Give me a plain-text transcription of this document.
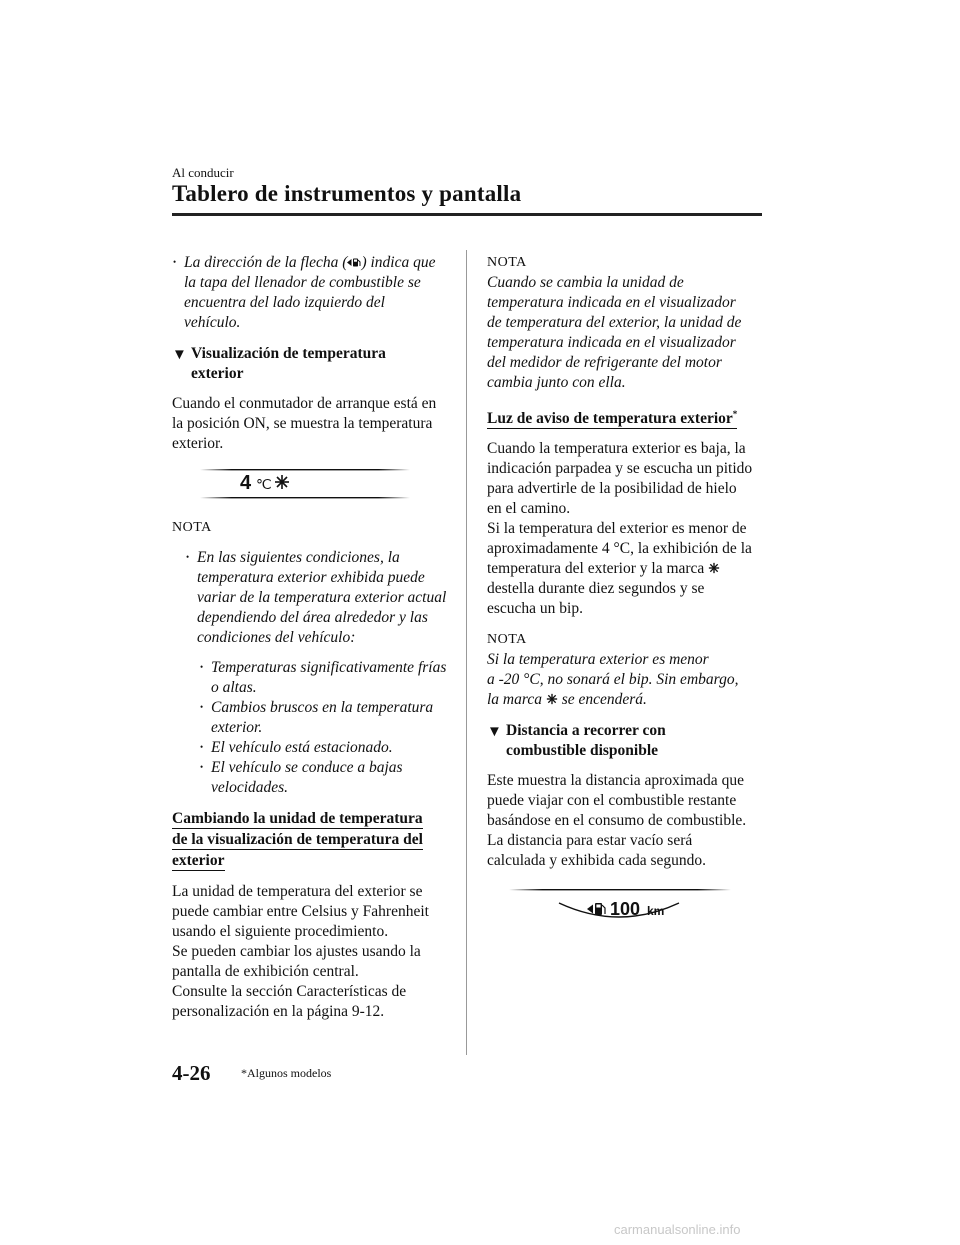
Al conducir
Tablero de instrumentos y pantalla

• La dirección de la flecha ( ) indica que

la tapa del llenador de combustible se

encuentra del lado izquierdo del

vehículo.

▼ Visualización de temperatura

exterior

Cuando el conmutador de arranque está en

la posición ON, se muestra la temperatura

exterior.

4 ℃

NOTA

• En las siguientes condiciones, la

temperatura exterior exhibida puede

variar de la temperatura exterior actual

dependiendo del área alrededor y las

condiciones del vehículo:

• Temperaturas significativamente frías

o altas.

• Cambios bruscos en la temperatura

exterior.

• El vehículo está estacionado.

• El vehículo se conduce a bajas

velocidades.

Cambiando la unidad de temperatura

de la visualización de temperatura del

exterior

La unidad de temperatura del exterior se

puede cambiar entre Celsius y Fahrenheit

usando el siguiente procedimiento.

Se pueden cambiar los ajustes usando la

pantalla de exhibición central.

Consulte la sección Características de

personalización en la página 9-12.

NOTA

Cuando se cambia la unidad de

temperatura indicada en el visualizador

de temperatura del exterior, la unidad de

temperatura indicada en el visualizador

del medidor de refrigerante del motor

cambia junto con ella.

Luz de aviso de temperatura exterior*

Cuando la temperatura exterior es baja, la

indicación parpadea y se escucha un pitido

para advertirle de la posibilidad de hielo

en el camino.

Si la temperatura del exterior es menor de

aproximadamente 4 °C, la exhibición de la

temperatura del exterior y la marca

destella durante diez segundos y se

escucha un bip.

NOTA

Si la temperatura exterior es menor

a -20 °C, no sonará el bip. Sin embargo,

la marca  se encenderá.

▼ Distancia a recorrer con

combustible disponible

Este muestra la distancia aproximada que

puede viajar con el combustible restante

basándose en el consumo de combustible.

La distancia para estar vacío será

calculada y exhibida cada segundo.

100 km
4-26	*Algunos modelos
carmanualsonline.info
